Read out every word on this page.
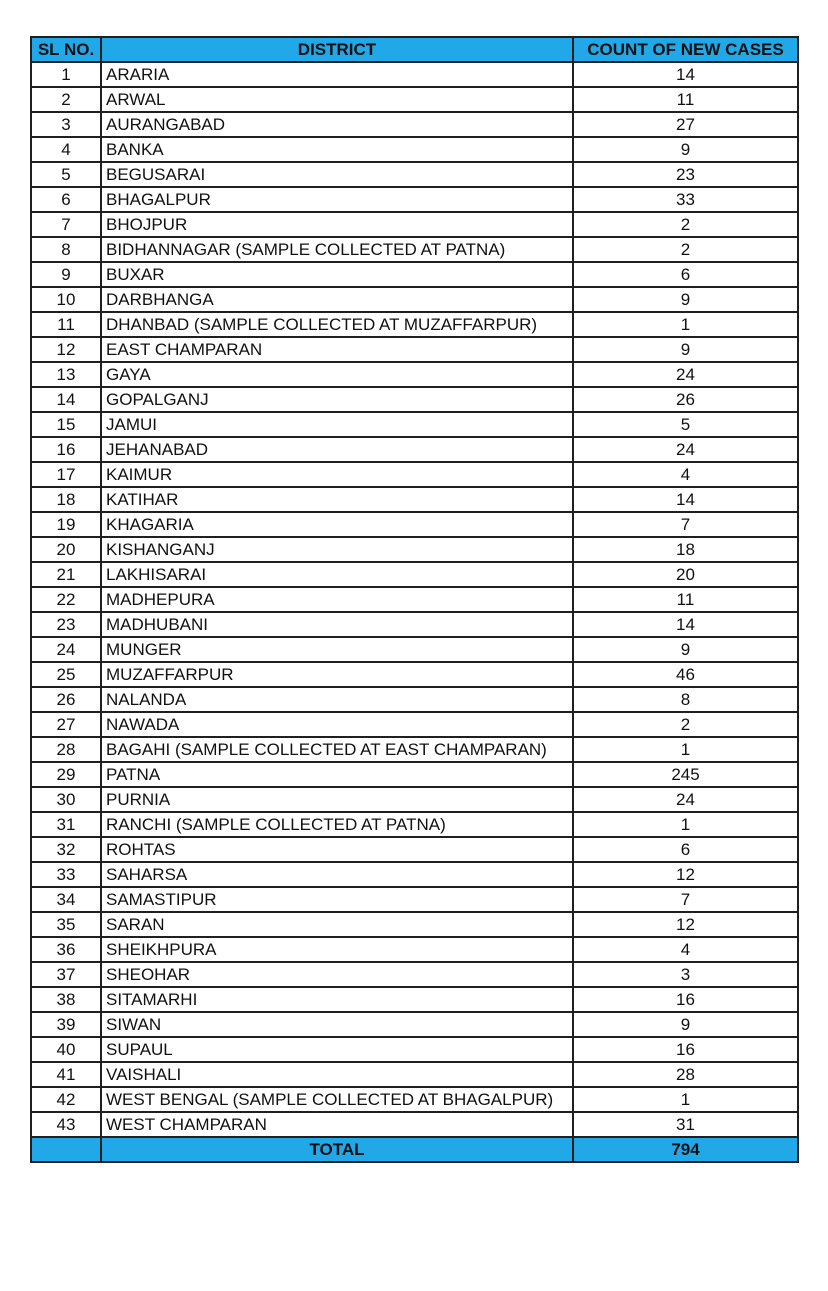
SL NO.	DISTRICT	COUNT OF NEW CASES
1	ARARIA	14
2	ARWAL	11
3	AURANGABAD	27
4	BANKA	9
5	BEGUSARAI	23
6	BHAGALPUR	33
7	BHOJPUR	2
8	BIDHANNAGAR (SAMPLE COLLECTED AT PATNA)	2
9	BUXAR	6
10	DARBHANGA	9
11	DHANBAD (SAMPLE COLLECTED AT MUZAFFARPUR)	1
12	EAST CHAMPARAN	9
13	GAYA	24
14	GOPALGANJ	26
15	JAMUI	5
16	JEHANABAD	24
17	KAIMUR	4
18	KATIHAR	14
19	KHAGARIA	7
20	KISHANGANJ	18
21	LAKHISARAI	20
22	MADHEPURA	11
23	MADHUBANI	14
24	MUNGER	9
25	MUZAFFARPUR	46
26	NALANDA	8
27	NAWADA	2
28	BAGAHI (SAMPLE COLLECTED AT EAST CHAMPARAN)	1
29	PATNA	245
30	PURNIA	24
31	RANCHI (SAMPLE COLLECTED AT PATNA)	1
32	ROHTAS	6
33	SAHARSA	12
34	SAMASTIPUR	7
35	SARAN	12
36	SHEIKHPURA	4
37	SHEOHAR	3
38	SITAMARHI	16
39	SIWAN	9
40	SUPAUL	16
41	VAISHALI	28
42	WEST BENGAL (SAMPLE COLLECTED AT BHAGALPUR)	1
43	WEST CHAMPARAN	31
	TOTAL	794
